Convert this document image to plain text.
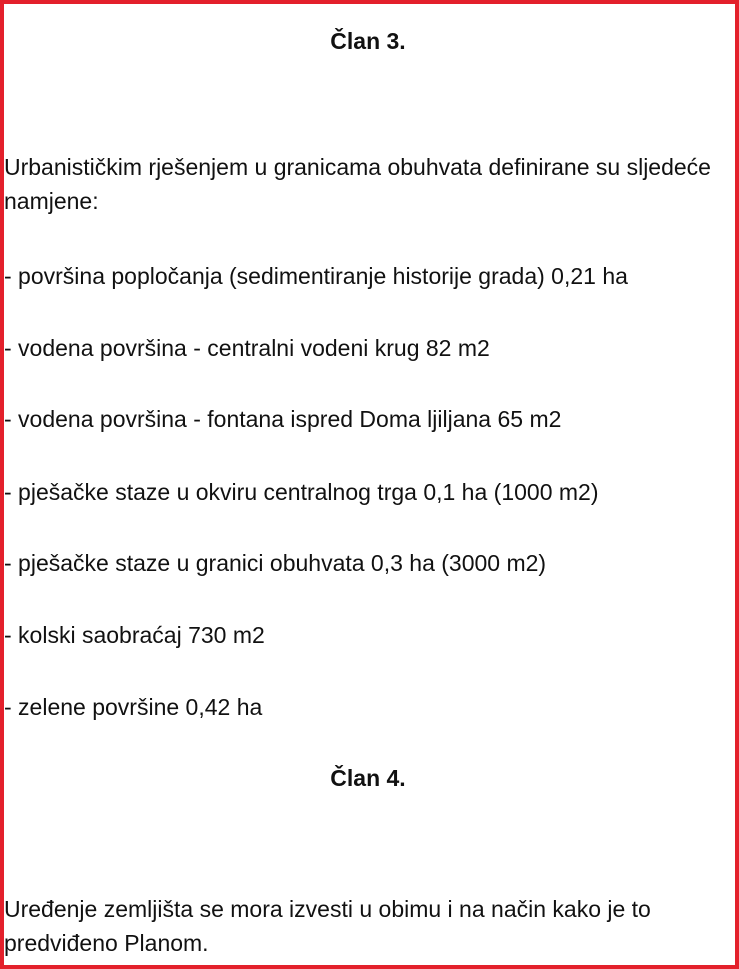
Član 3.

Urbanističkim rješenjem u granicama obuhvata definirane su sljedeće namjene:

- površina popločanja (sedimentiranje historije grada) 0,21 ha

- vodena površina - centralni vodeni krug 82 m2

- vodena površina - fontana ispred Doma ljiljana 65 m2

- pješačke staze u okviru centralnog trga 0,1 ha (1000 m2)

- pješačke staze u granici obuhvata 0,3 ha (3000 m2)

- kolski saobraćaj 730 m2

- zelene površine 0,42 ha

Član 4.

Uređenje zemljišta se mora izvesti u obimu i na način kako je to predviđeno Planom.
